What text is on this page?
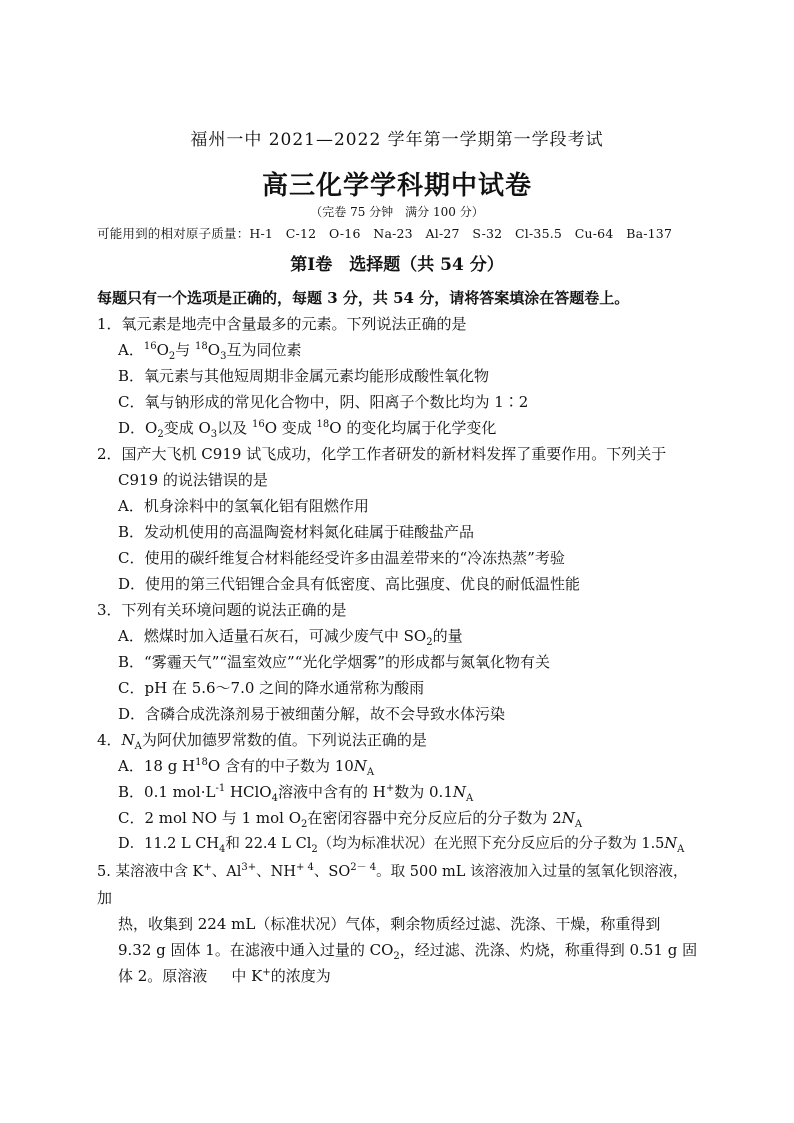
福州一中 2021—2022 学年第一学期第一学段考试
高三化学学科期中试卷
（完卷 75 分钟　满分 100 分）
可能用到的相对原子质量：H-1　C-12　O-16　Na-23　Al-27　S-32　Cl-35.5　Cu-64　Ba-137
第Ⅰ卷　选择题（共 54 分）
每题只有一个选项是正确的，每题 3 分，共 54 分，请将答案填涂在答题卷上。
1．氧元素是地壳中含量最多的元素。下列说法正确的是
A．$^{16}O_2$与 $^{18}O_3$互为同位素
B．氧元素与其他短周期非金属元素均能形成酸性氧化物
C．氧与钠形成的常见化合物中，阴、阳离子个数比均为 1∶2
D．$O_2$变成 $O_3$以及 $^{16}$O 变成 $^{18}$O 的变化均属于化学变化
2．国产大飞机 C919 试飞成功，化学工作者研发的新材料发挥了重要作用。下列关于
C919 的说法错误的是
A．机身涂料中的氢氧化铝有阻燃作用
B．发动机使用的高温陶瓷材料氮化硅属于硅酸盐产品
C．使用的碳纤维复合材料能经受许多由温差带来的“冷冻热蒸”考验
D．使用的第三代铝锂合金具有低密度、高比强度、优良的耐低温性能
3．下列有关环境问题的说法正确的是
A．燃煤时加入适量石灰石，可减少废气中 $SO_2$的量
B．“雾霾天气”“温室效应”“光化学烟雾”的形成都与氮氧化物有关
C．pH 在 5.6～7.0 之间的降水通常称为酸雨
D．含磷合成洗涤剂易于被细菌分解，故不会导致水体污染
4．$N_A$为阿伏加德罗常数的值。下列说法正确的是
A．18 g $H^{18}O$ 含有的中子数为 $10N_A$
B．0.1 $mol\cdot L^{-1}$ HClO$_4$溶液中含有的 H+数为 $0.1N_A$
C．2 mol NO 与 1 mol $O_2$在密闭容器中充分反应后的分子数为 $2N_A$
D．11.2 L $CH_4$和 22.4 L $Cl_2$（均为标准状况）在光照下充分反应后的分子数为 $1.5N_A$
5. 某溶液中含 K+、$Al^{3+}$、$NH^{+ 4}$、$SO^{2- 4}$。取 500 mL 该溶液加入过量的氢氧化钡溶液，
加
热，收集到 224 mL（标准状况）气体，剩余物质经过滤、洗涤、干燥，称重得到
9.32 g 固体 1。在滤液中通入过量的 $CO_2$，经过滤、洗涤、灼烧，称重得到 0.51 g 固
体 2。原溶液 中 K+的浓度为
